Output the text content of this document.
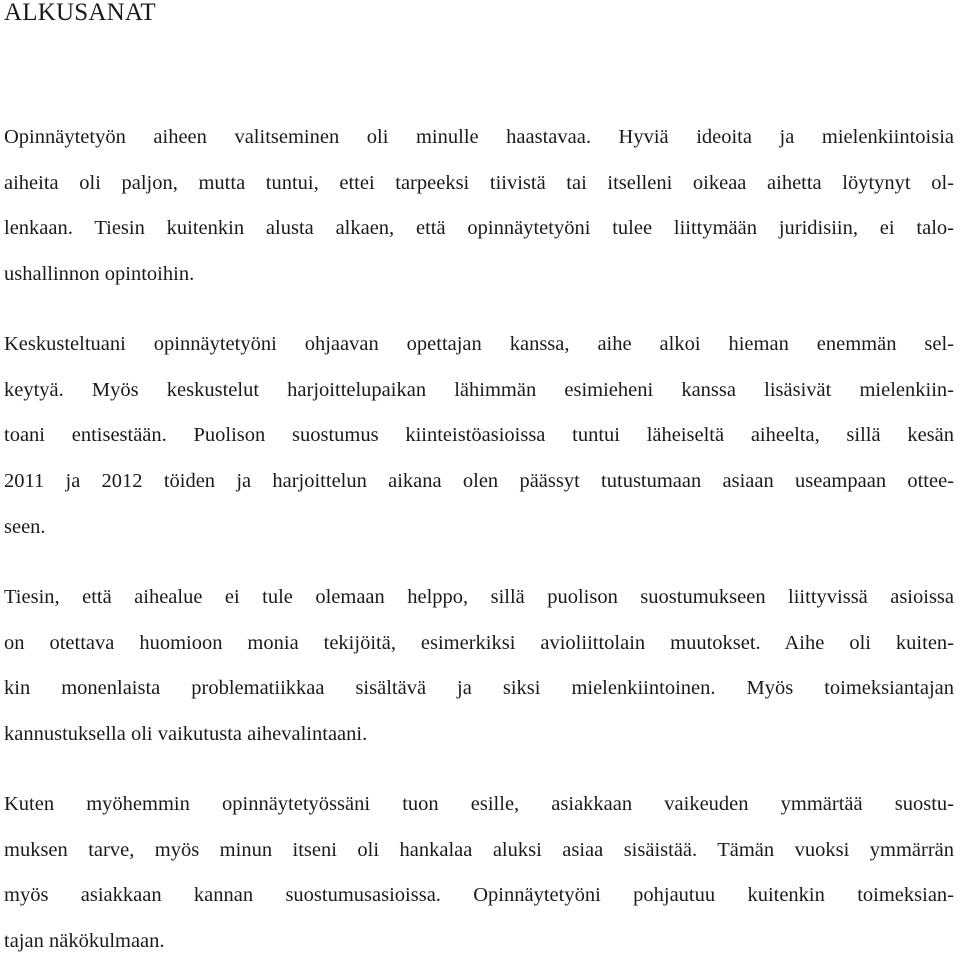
ALKUSANAT
Opinnäytetyön aiheen valitseminen oli minulle haastavaa. Hyviä ideoita ja mielenkiintoisia
aiheita oli paljon, mutta tuntui, ettei tarpeeksi tiivistä tai itselleni oikeaa aihetta löytynyt ol-
lenkaan. Tiesin kuitenkin alusta alkaen, että opinnäytetyöni tulee liittymään juridisiin, ei talo-
ushallinnon opintoihin.
Keskusteltuani opinnäytetyöni ohjaavan opettajan kanssa, aihe alkoi hieman enemmän sel-
keytyä. Myös keskustelut harjoittelupaikan lähimmän esimieheni kanssa lisäsivät mielenkiin-
toani entisestään. Puolison suostumus kiinteistöasioissa tuntui läheiseltä aiheelta, sillä kesän
2011 ja 2012 töiden ja harjoittelun aikana olen päässyt tutustumaan asiaan useampaan ottee-
seen.
Tiesin, että aihealue ei tule olemaan helppo, sillä puolison suostumukseen liittyvissä asioissa
on otettava huomioon monia tekijöitä, esimerkiksi avioliittolain muutokset. Aihe oli kuiten-
kin monenlaista problematiikkaa sisältävä ja siksi mielenkiintoinen. Myös toimeksiantajan
kannustuksella oli vaikutusta aihevalintaani.
Kuten myöhemmin opinnäytetyössäni tuon esille, asiakkaan vaikeuden ymmärtää suostu-
muksen tarve, myös minun itseni oli hankalaa aluksi asiaa sisäistää. Tämän vuoksi ymmärrän
myös asiakkaan kannan suostumusasioissa. Opinnäytetyöni pohjautuu kuitenkin toimeksian-
tajan näkökulmaan.
